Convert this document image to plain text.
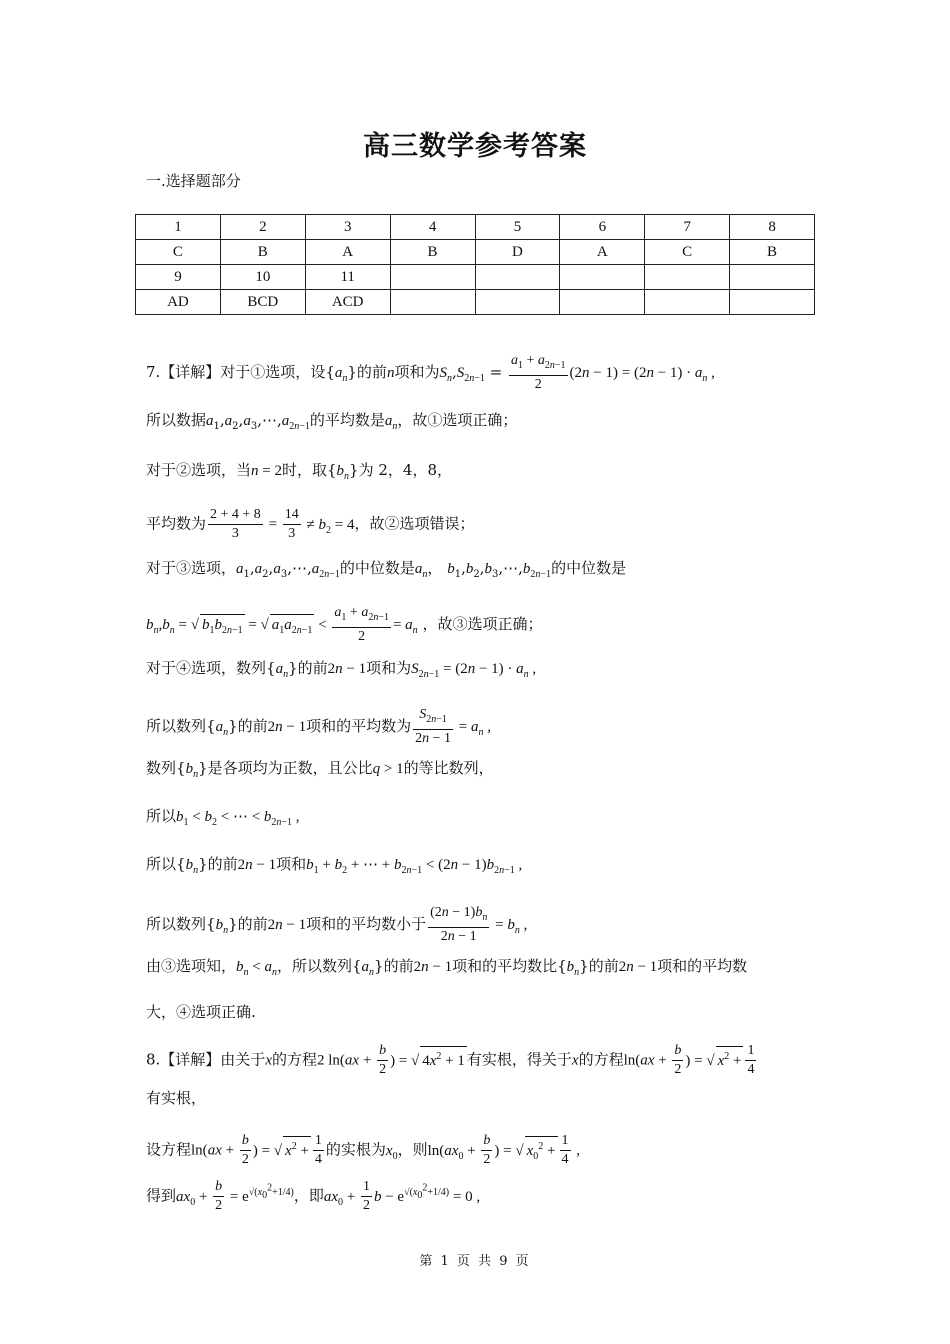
高三数学参考答案
一.选择题部分
1	2	3	4	5	6	7	8
C	B	A	B	D	A	C	B
9	10	11					
AD	BCD	ACD					
7.【详解】对于①选项，设$\{a_n\}$的前n项和为$S_n,S_{2n-1} = \frac{a_1 + a_{2n-1}}{2} (2n - 1) = (2n - 1) \cdot a_n$ ,
所以数据$a_1,a_2,a_3,\cdots,a_{2n-1}$的平均数是$a_n$，故①选项正确；
对于②选项，当n = 2时，取$\{b_n\}$为 2，4，8，
平均数为 $\frac{2 + 4 + 8}{3} = \frac{14}{3} \ne b_2 = 4$，故②选项错误；
对于③选项，$a_1,a_2,a_3,\cdots,a_{2n-1}$的中位数是$a_n$， $b_1,b_2,b_3,\cdots,b_{2n-1}$的中位数是
$b_n,b_n$ = √ $b_1b_{2n-1}$ = √ $a_1a_{2n-1} < \frac{a_1 + a_{2n-1}}{2} = a_n$ ，故③选项正确；
对于④选项，数列$\{a_n\}$的前2n − 1项和为$S_{2n-1} = (2n - 1) \cdot a_n$ ,
所以数列$\{a_n\}$的前2n − 1项和的平均数为 $\frac{S_{2n-1}}{2n - 1} = a_n$ ,
数列$\{b_n\}$是各项均为正数，且公比q > 1的等比数列，
所以$b_1 < b_2$ < ⋯ < $b_{2n-1}$ ,
所以$\{b_n\}$的前2n − 1项和$b_1 + b_2$ + ⋯ + $b_{2n-1} < (2n - 1)b_{2n-1}$ ,
所以数列$\{b_n\}$的前2n − 1项和的平均数小于 $\frac{(2n - 1)b_n}{2n - 1} = b_n$ ,
由③选项知，$b_n < a_n$，所以数列$\{a_n\}$的前2n − 1项和的平均数比$\{b_n\}$的前2n − 1项和的平均数
大，④选项正确.
8.【详解】由关于x的方程2 $\ln(ax + \frac{b}{2}$ ) = √ $4x^2 + 1$ 有实根，得关于x的方程$\ln(ax + \frac{b}{2}$ ) = √ $x^2 + \frac{1}{4}$
有实根，
设方程$\ln(ax + \frac{b}{2}$ ) = √ $x^2 + \frac{1}{4}$ 的实根为$x_0$，则$\ln(ax_0 + \frac{b}{2}$ ) = √ $x_0^2 + \frac{1}{4}$ ,
得到$ax_0 + \frac{b}{2} = e^{√(x_0^2+1/4)}$，即$ax_0 + \frac{1}{2}$ $b - e^{√(x_0^2+1/4)} = 0$ ,
第 1 页 共 9 页
